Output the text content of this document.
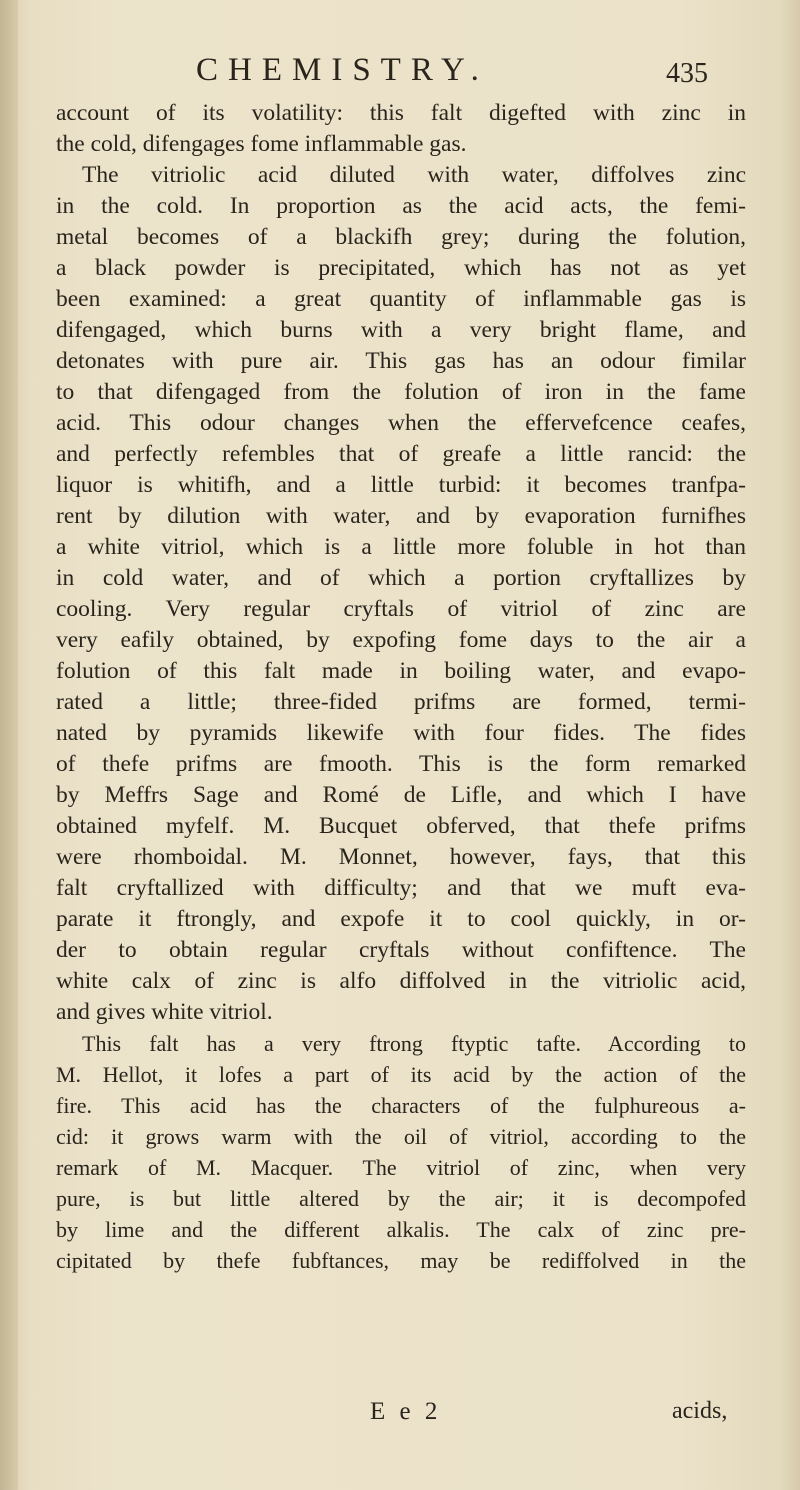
CHEMISTRY.	435
account of its volatility: this falt digefted with zinc in
the cold, difengages fome inflammable gas.
The vitriolic acid diluted with water, diffolves zinc
in the cold. In proportion as the acid acts, the femi-
metal becomes of a blackifh grey; during the folution,
a black powder is precipitated, which has not as yet
been examined: a great quantity of inflammable gas is
difengaged, which burns with a very bright flame, and
detonates with pure air. This gas has an odour fimilar
to that difengaged from the folution of iron in the fame
acid. This odour changes when the effervefcence ceafes,
and perfectly refembles that of greafe a little rancid: the
liquor is whitifh, and a little turbid: it becomes tranfpa-
rent by dilution with water, and by evaporation furnifhes
a white vitriol, which is a little more foluble in hot than
in cold water, and of which a portion cryftallizes by
cooling. Very regular cryftals of vitriol of zinc are
very eafily obtained, by expofing fome days to the air a
folution of this falt made in boiling water, and evapo-
rated a little; three-fided prifms are formed, termi-
nated by pyramids likewife with four fides. The fides
of thefe prifms are fmooth. This is the form remarked
by Meffrs Sage and Romé de Lifle, and which I have
obtained myfelf. M. Bucquet obferved, that thefe prifms
were rhomboidal. M. Monnet, however, fays, that this
falt cryftallized with difficulty; and that we muft eva-
parate it ftrongly, and expofe it to cool quickly, in or-
der to obtain regular cryftals without confiftence. The
white calx of zinc is alfo diffolved in the vitriolic acid,
and gives white vitriol.
This falt has a very ftrong ftyptic tafte. According to
M. Hellot, it lofes a part of its acid by the action of the
fire. This acid has the characters of the fulphureous a-
cid: it grows warm with the oil of vitriol, according to the
remark of M. Macquer. The vitriol of zinc, when very
pure, is but little altered by the air; it is decompofed
by lime and the different alkalis. The calx of zinc pre-
cipitated by thefe fubftances, may be rediffolved in the
E e 2	acids,
